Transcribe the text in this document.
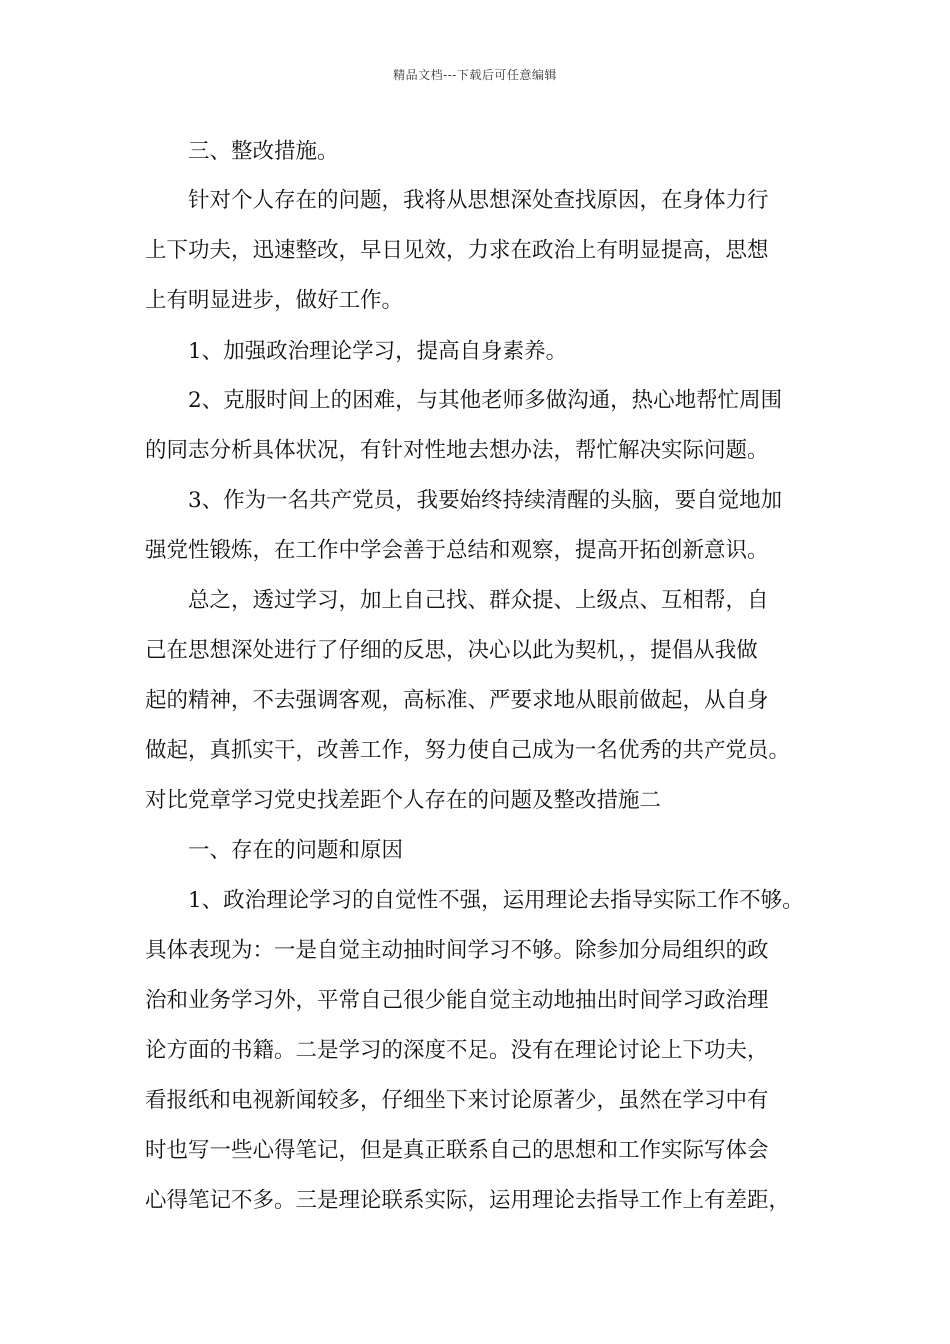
精品文档---下载后可任意编辑
三、整改措施。
针对个人存在的问题，我将从思想深处查找原因，在身体力行
上下功夫，迅速整改，早日见效，力求在政治上有明显提高，思想
上有明显进步，做好工作。
1、加强政治理论学习，提高自身素养。
2、克服时间上的困难，与其他老师多做沟通，热心地帮忙周围
的同志分析具体状况，有针对性地去想办法，帮忙解决实际问题。
3、作为一名共产党员，我要始终持续清醒的头脑，要自觉地加
强党性锻炼，在工作中学会善于总结和观察，提高开拓创新意识。
总之，透过学习，加上自己找、群众提、上级点、互相帮，自
己在思想深处进行了仔细的反思，决心以此为契机，，提倡从我做
起的精神，不去强调客观，高标准、严要求地从眼前做起，从自身
做起，真抓实干，改善工作，努力使自己成为一名优秀的共产党员。
对比党章学习党史找差距个人存在的问题及整改措施二
一、存在的问题和原因
1、政治理论学习的自觉性不强，运用理论去指导实际工作不够。
具体表现为：一是自觉主动抽时间学习不够。除参加分局组织的政
治和业务学习外，平常自己很少能自觉主动地抽出时间学习政治理
论方面的书籍。二是学习的深度不足。没有在理论讨论上下功夫，
看报纸和电视新闻较多，仔细坐下来讨论原著少，虽然在学习中有
时也写一些心得笔记，但是真正联系自己的思想和工作实际写体会
心得笔记不多。三是理论联系实际，运用理论去指导工作上有差距，
